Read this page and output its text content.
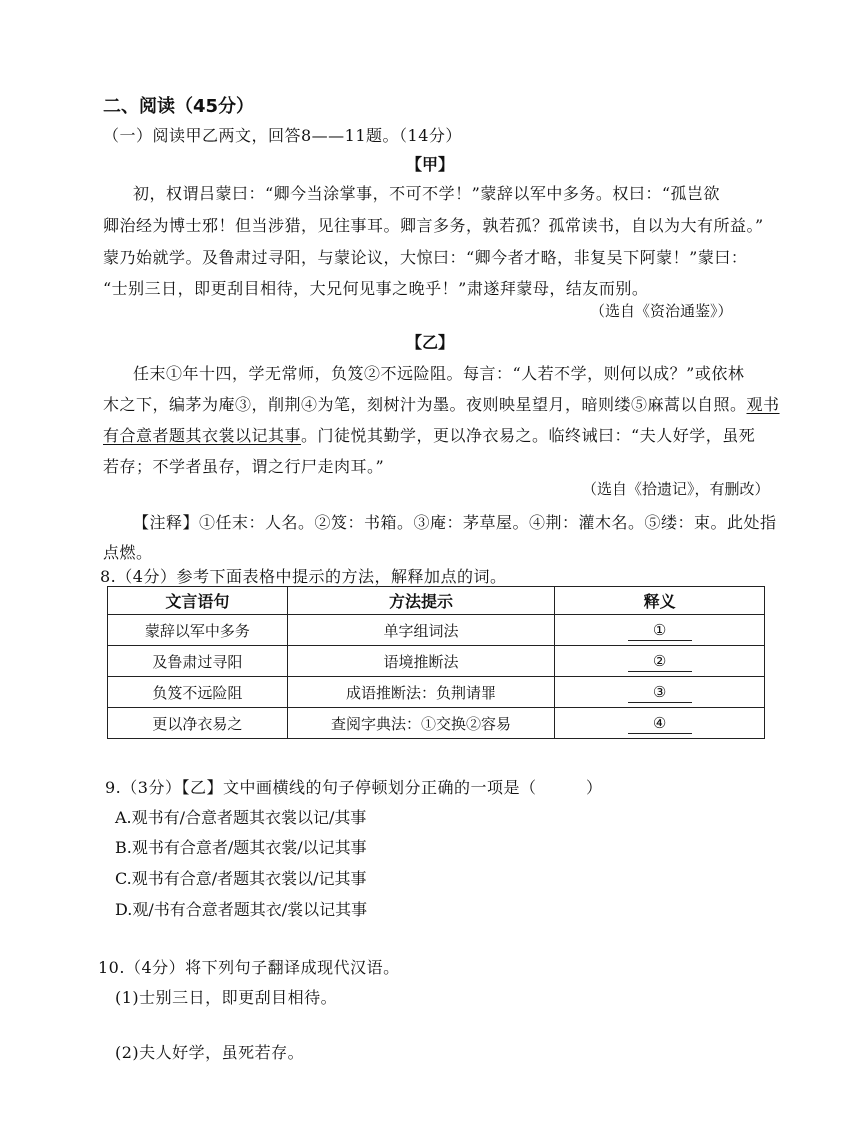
二、阅读（45分）
（一）阅读甲乙两文，回答8——11题。（14分）
【甲】
初，权谓吕蒙曰：“卿今当涂掌事，不可不学！”蒙辞以军中多务。权曰：“孤岂欲
卿治经为博士邪！但当涉猎，见往事耳。卿言多务，孰若孤？孤常读书，自以为大有所益。”
蒙乃始就学。及鲁肃过寻阳，与蒙论议，大惊曰：“卿今者才略，非复吴下阿蒙！”蒙曰：
“士别三日，即更刮目相待，大兄何见事之晚乎！”肃遂拜蒙母，结友而别。
（选自《资治通鉴》）
【乙】
任末①年十四，学无常师，负笈②不远险阻。每言：“人若不学，则何以成？”或依林
木之下，编茅为庵③，削荆④为笔，刻树汁为墨。夜则映星望月，暗则缕⑤麻蒿以自照。观书
有合意者题其衣裳以记其事。门徒悦其勤学，更以净衣易之。临终诫曰：“夫人好学，虽死
若存；不学者虽存，谓之行尸走肉耳。”
（选自《拾遗记》，有删改）
【注释】①任末：人名。②笈：书箱。③庵：茅草屋。④荆：灌木名。⑤缕：束。此处指
点燃。
8.（4分）参考下面表格中提示的方法，解释加点的词。
文言语句	方法提示	释义
蒙辞以军中多务	单字组词法	①
及鲁肃过寻阳	语境推断法	②
负笈不远险阻	成语推断法：负荆请罪	③
更以净衣易之	查阅字典法：①交换②容易	④
9.（3分）【乙】文中画横线的句子停顿划分正确的一项是（　　　）
A.观书有/合意者题其衣裳以记/其事
B.观书有合意者/题其衣裳/以记其事
C.观书有合意/者题其衣裳以/记其事
D.观/书有合意者题其衣/裳以记其事
10.（4分）将下列句子翻译成现代汉语。
(1)士别三日，即更刮目相待。
(2)夫人好学，虽死若存。
